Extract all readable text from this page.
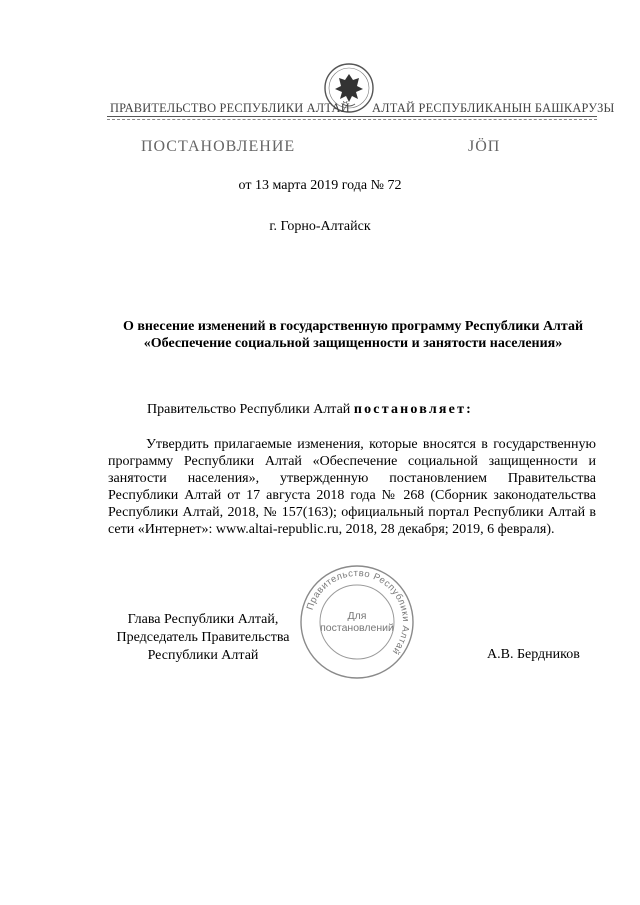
ПРАВИТЕЛЬСТВО РЕСПУБЛИКИ АЛТАЙ АЛТАЙ РЕСПУБЛИКАНЫН БАШКАРУЗЫ
ПОСТАНОВЛЕНИЕ	ЈӦП
от 13 марта 2019 года № 72
г. Горно-Алтайск
О внесение изменений в государственную программу Республики Алтай «Обеспечение социальной защищенности и занятости населения»
Правительство Республики Алтай постановляет:
Утвердить прилагаемые изменения, которые вносятся в государственную программу Республики Алтай «Обеспечение социальной защищенности и занятости населения», утвержденную постановлением Правительства Республики Алтай от 17 августа 2018 года № 268 (Сборник законодательства Республики Алтай, 2018, № 157(163); официальный портал Республики Алтай в сети «Интернет»: www.altai-republic.ru, 2018, 28 декабря; 2019, 6 февраля).
Правительство Республики Алтай
Для
постановлений
Глава Республики Алтай,
Председатель Правительства
Республики Алтай	А.В. Бердников
